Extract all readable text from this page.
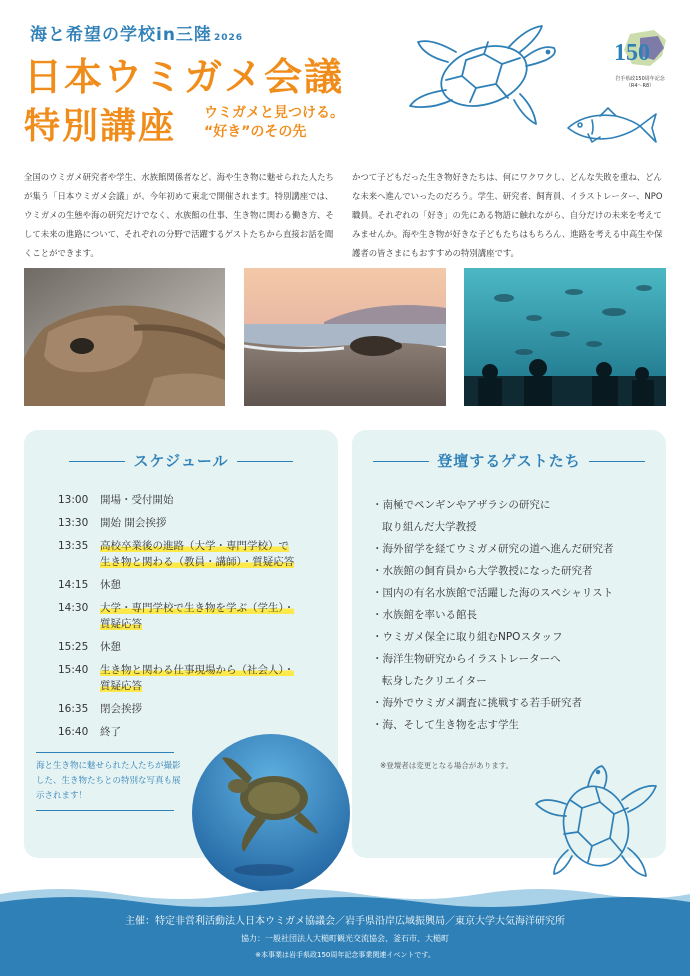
海と希望の学校in三陸 2026
日本ウミガメ会議
特別講座 ウミガメと見つける。
“好き”のその先
150
岩手県政150周年記念
（R4〜R8）
全国のウミガメ研究者や学生、水族館関係者など、海や生き物に魅せられた人たちが集う「日本ウミガメ会議」が、今年初めて東北で開催されます。特別講座では、ウミガメの生態や海の研究だけでなく、水族館の仕事、生き物に関わる働き方、そして未来の進路について、それぞれの分野で活躍するゲストたちから直接お話を聞くことができます。
かつて子どもだった生き物好きたちは、何にワクワクし、どんな失敗を重ね、どんな未来へ進んでいったのだろう。学生、研究者、飼育員、イラストレーター、NPO職員。それぞれの「好き」の先にある物語に触れながら、自分だけの未来を考えてみませんか。海や生き物が好きな子どもたちはもちろん、進路を考える中高生や保護者の皆さまにもおすすめの特別講座です。
スケジュール
13:00	開場・受付開始
13:30	開始 開会挨拶
13:35	高校卒業後の進路（大学・専門学校）で
生き物と関わる（教員・講師）・質疑応答
14:15	休憩
14:30	大学・専門学校で生き物を学ぶ（学生）・
質疑応答
15:25	休憩
15:40	生き物と関わる仕事現場から（社会人）・
質疑応答
16:35	閉会挨拶
16:40	終了
海と生き物に魅せられた人たちが撮影した、生き物たちとの特別な写真も展示されます！
登壇するゲストたち
・南極でペンギンやアザラシの研究に
取り組んだ大学教授
・海外留学を経てウミガメ研究の道へ進んだ研究者
・水族館の飼育員から大学教授になった研究者
・国内の有名水族館で活躍した海のスペシャリスト
・水族館を率いる館長
・ウミガメ保全に取り組むNPOスタッフ
・海洋生物研究からイラストレーターへ
転身したクリエイター
・海外でウミガメ調査に挑戦する若手研究者
・海、そして生き物を志す学生
※登壇者は変更となる場合があります。
主催：特定非営利活動法人日本ウミガメ協議会／岩手県沿岸広域振興局／東京大学大気海洋研究所
協力：一般社団法人大槌町観光交流協会、釜石市、大槌町
※本事業は岩手県政150周年記念事業関連イベントです。
